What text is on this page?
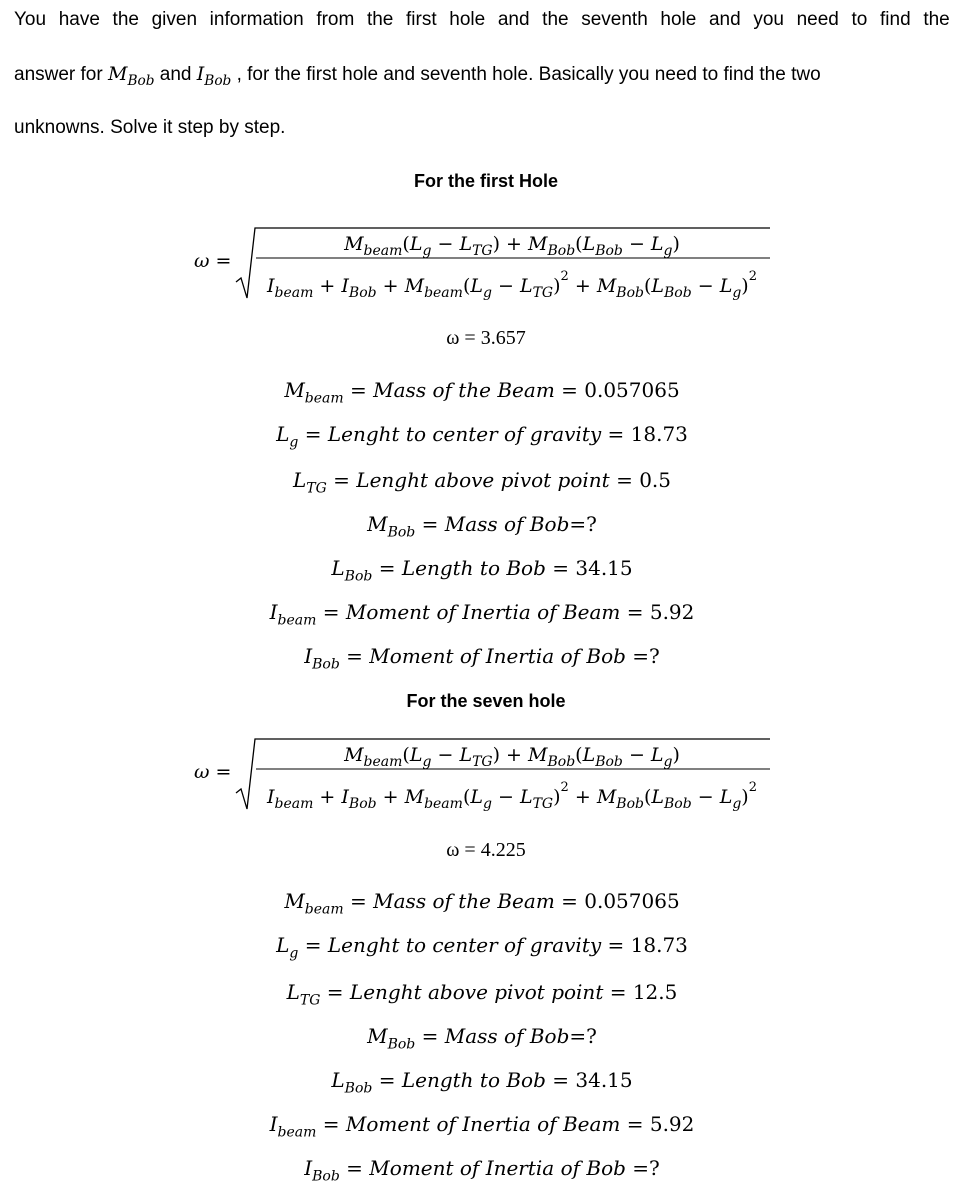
You have the given information from the first hole and the seventh hole and you need to find the
answer for $M_{Bob}$ and $I_{Bob}$ , for the first hole and seventh hole. Basically you need to find the two
unknowns. Solve it step by step.
For the first Hole
ω =
$M_{beam}(L_g - L_{TG}) + M_{Bob}(L_{Bob} - L_g)$
$I_{beam} + I_{Bob} + M_{beam}(L_g - L_{TG})^2 + M_{Bob}(L_{Bob} - L_g)^2$
ω = 3.657
$M_{beam}$ = Mass of the Beam = 0.057065
$L_g$ = Lenght to center of gravity = 18.73
$L_{TG}$ = Lenght above pivot point = 0.5
$M_{Bob}$ = Mass of Bob=?
$L_{Bob}$ = Length to Bob = 34.15
$I_{beam}$ = Moment of Inertia of Beam = 5.92
$I_{Bob}$ = Moment of Inertia of Bob =?
For the seven hole
ω =
$M_{beam}(L_g - L_{TG}) + M_{Bob}(L_{Bob} - L_g)$
$I_{beam} + I_{Bob} + M_{beam}(L_g - L_{TG})^2 + M_{Bob}(L_{Bob} - L_g)^2$
ω = 4.225
$M_{beam}$ = Mass of the Beam = 0.057065
$L_g$ = Lenght to center of gravity = 18.73
$L_{TG}$ = Lenght above pivot point = 12.5
$M_{Bob}$ = Mass of Bob=?
$L_{Bob}$ = Length to Bob = 34.15
$I_{beam}$ = Moment of Inertia of Beam = 5.92
$I_{Bob}$ = Moment of Inertia of Bob =?
